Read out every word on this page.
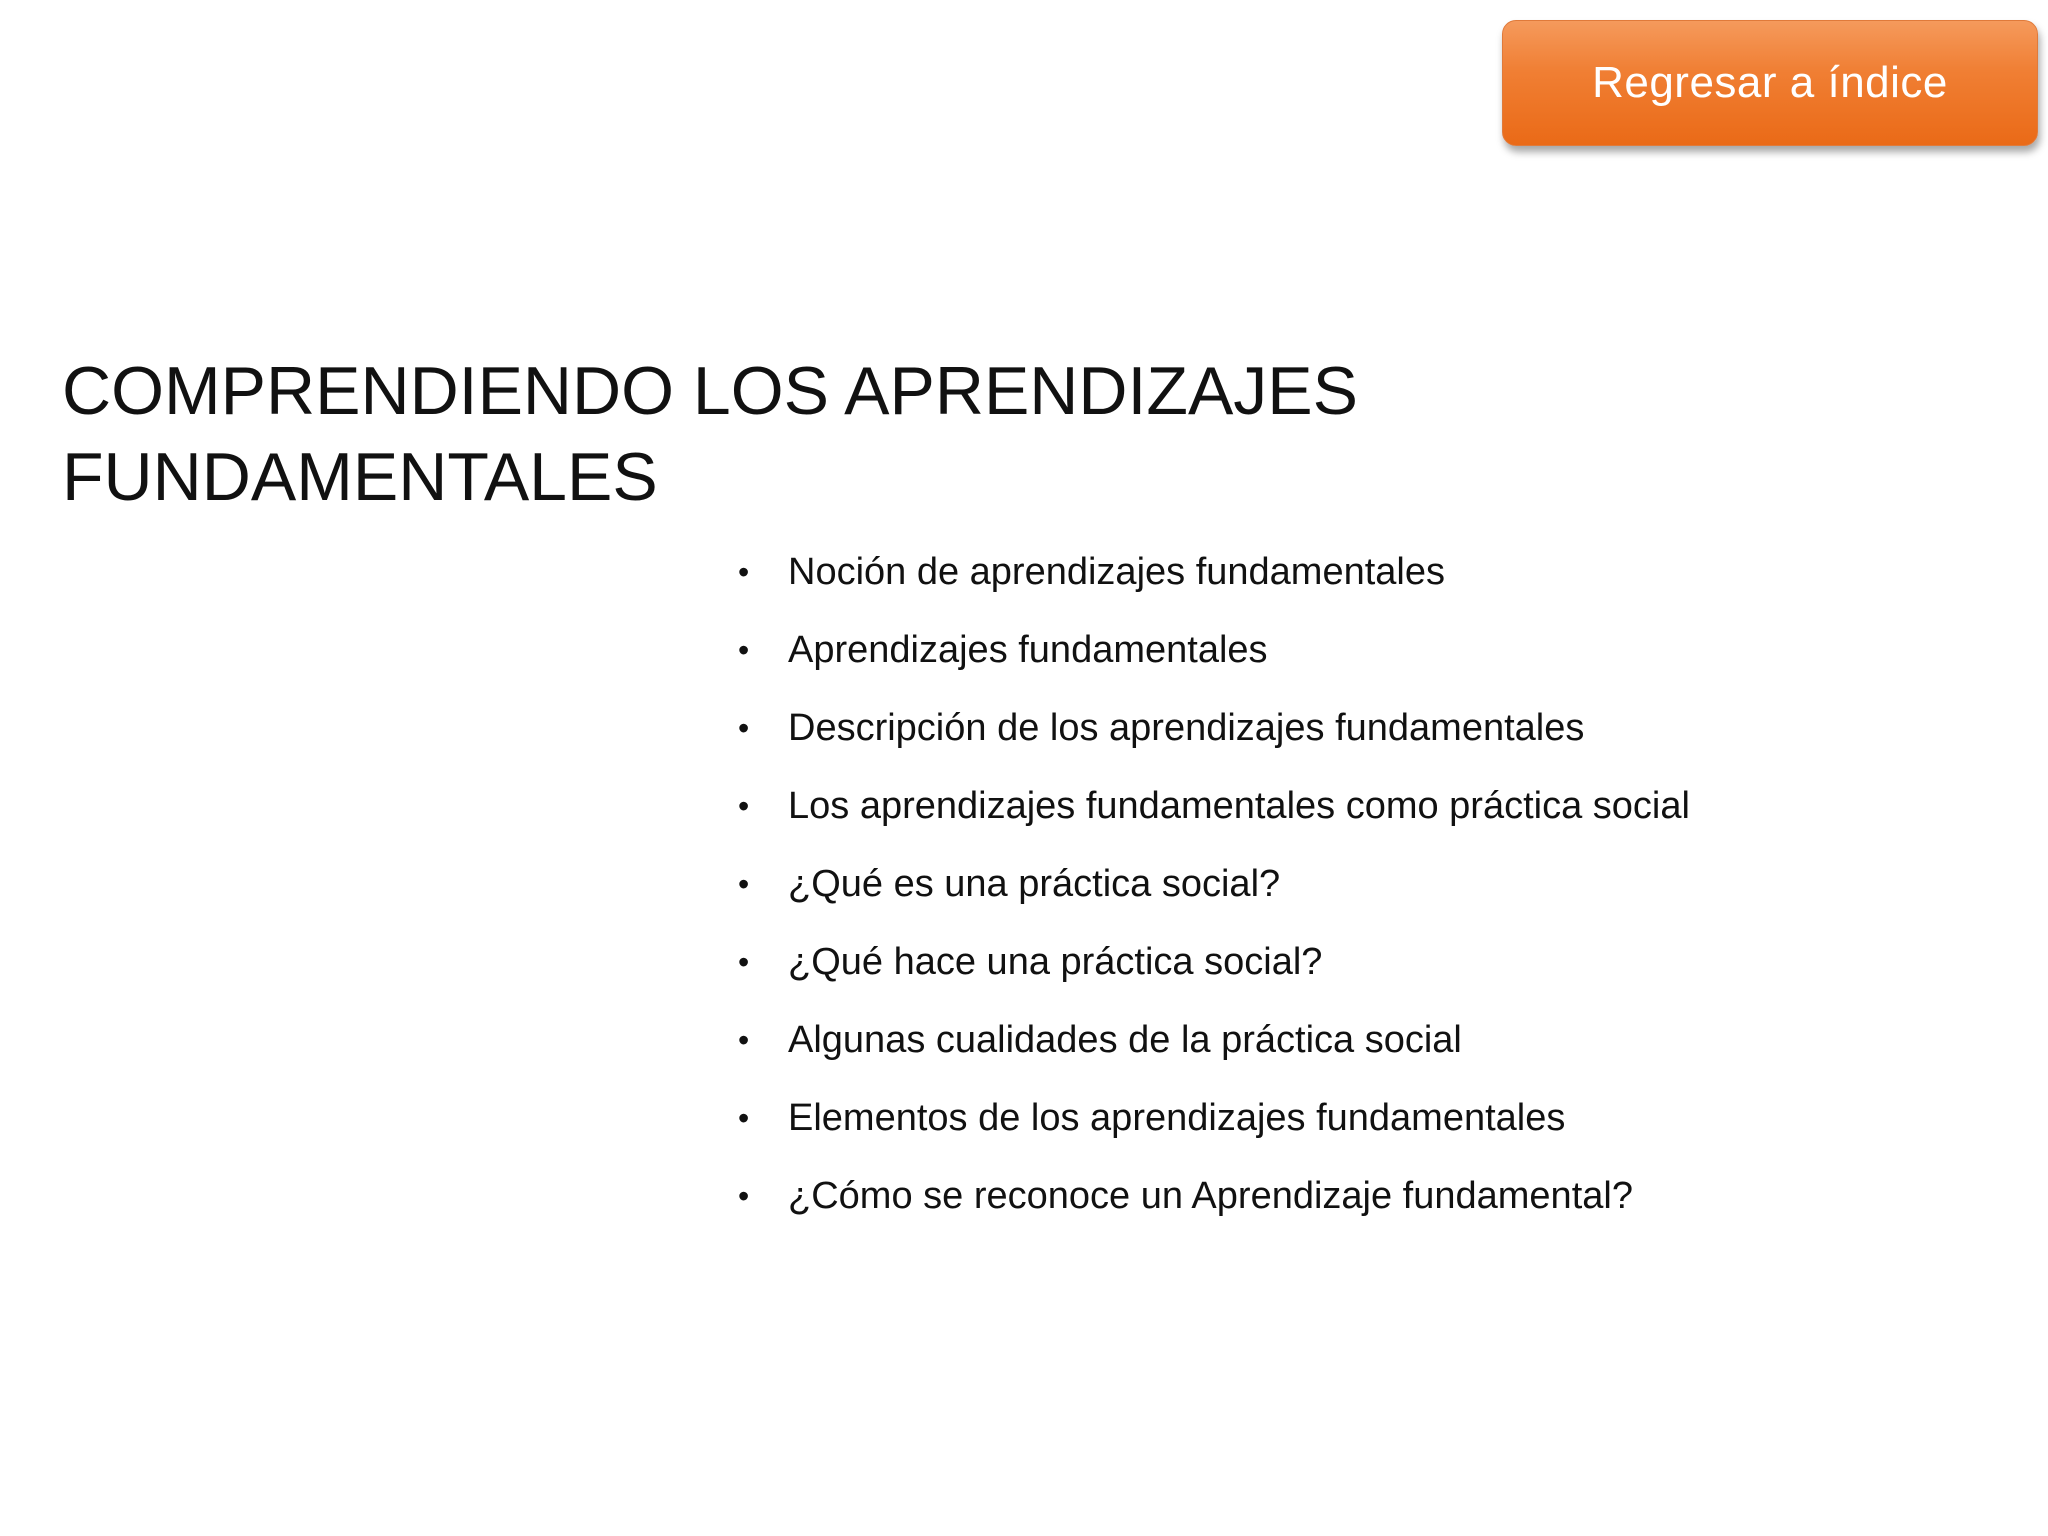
Regresar a índice
COMPRENDIENDO LOS APRENDIZAJES
FUNDAMENTALES
• Noción de aprendizajes fundamentales
• Aprendizajes fundamentales
• Descripción de los aprendizajes fundamentales
• Los aprendizajes fundamentales como práctica social
• ¿Qué es una práctica social?
• ¿Qué hace una práctica social?
• Algunas cualidades de la práctica social
• Elementos de los aprendizajes fundamentales
• ¿Cómo se reconoce un Aprendizaje fundamental?
